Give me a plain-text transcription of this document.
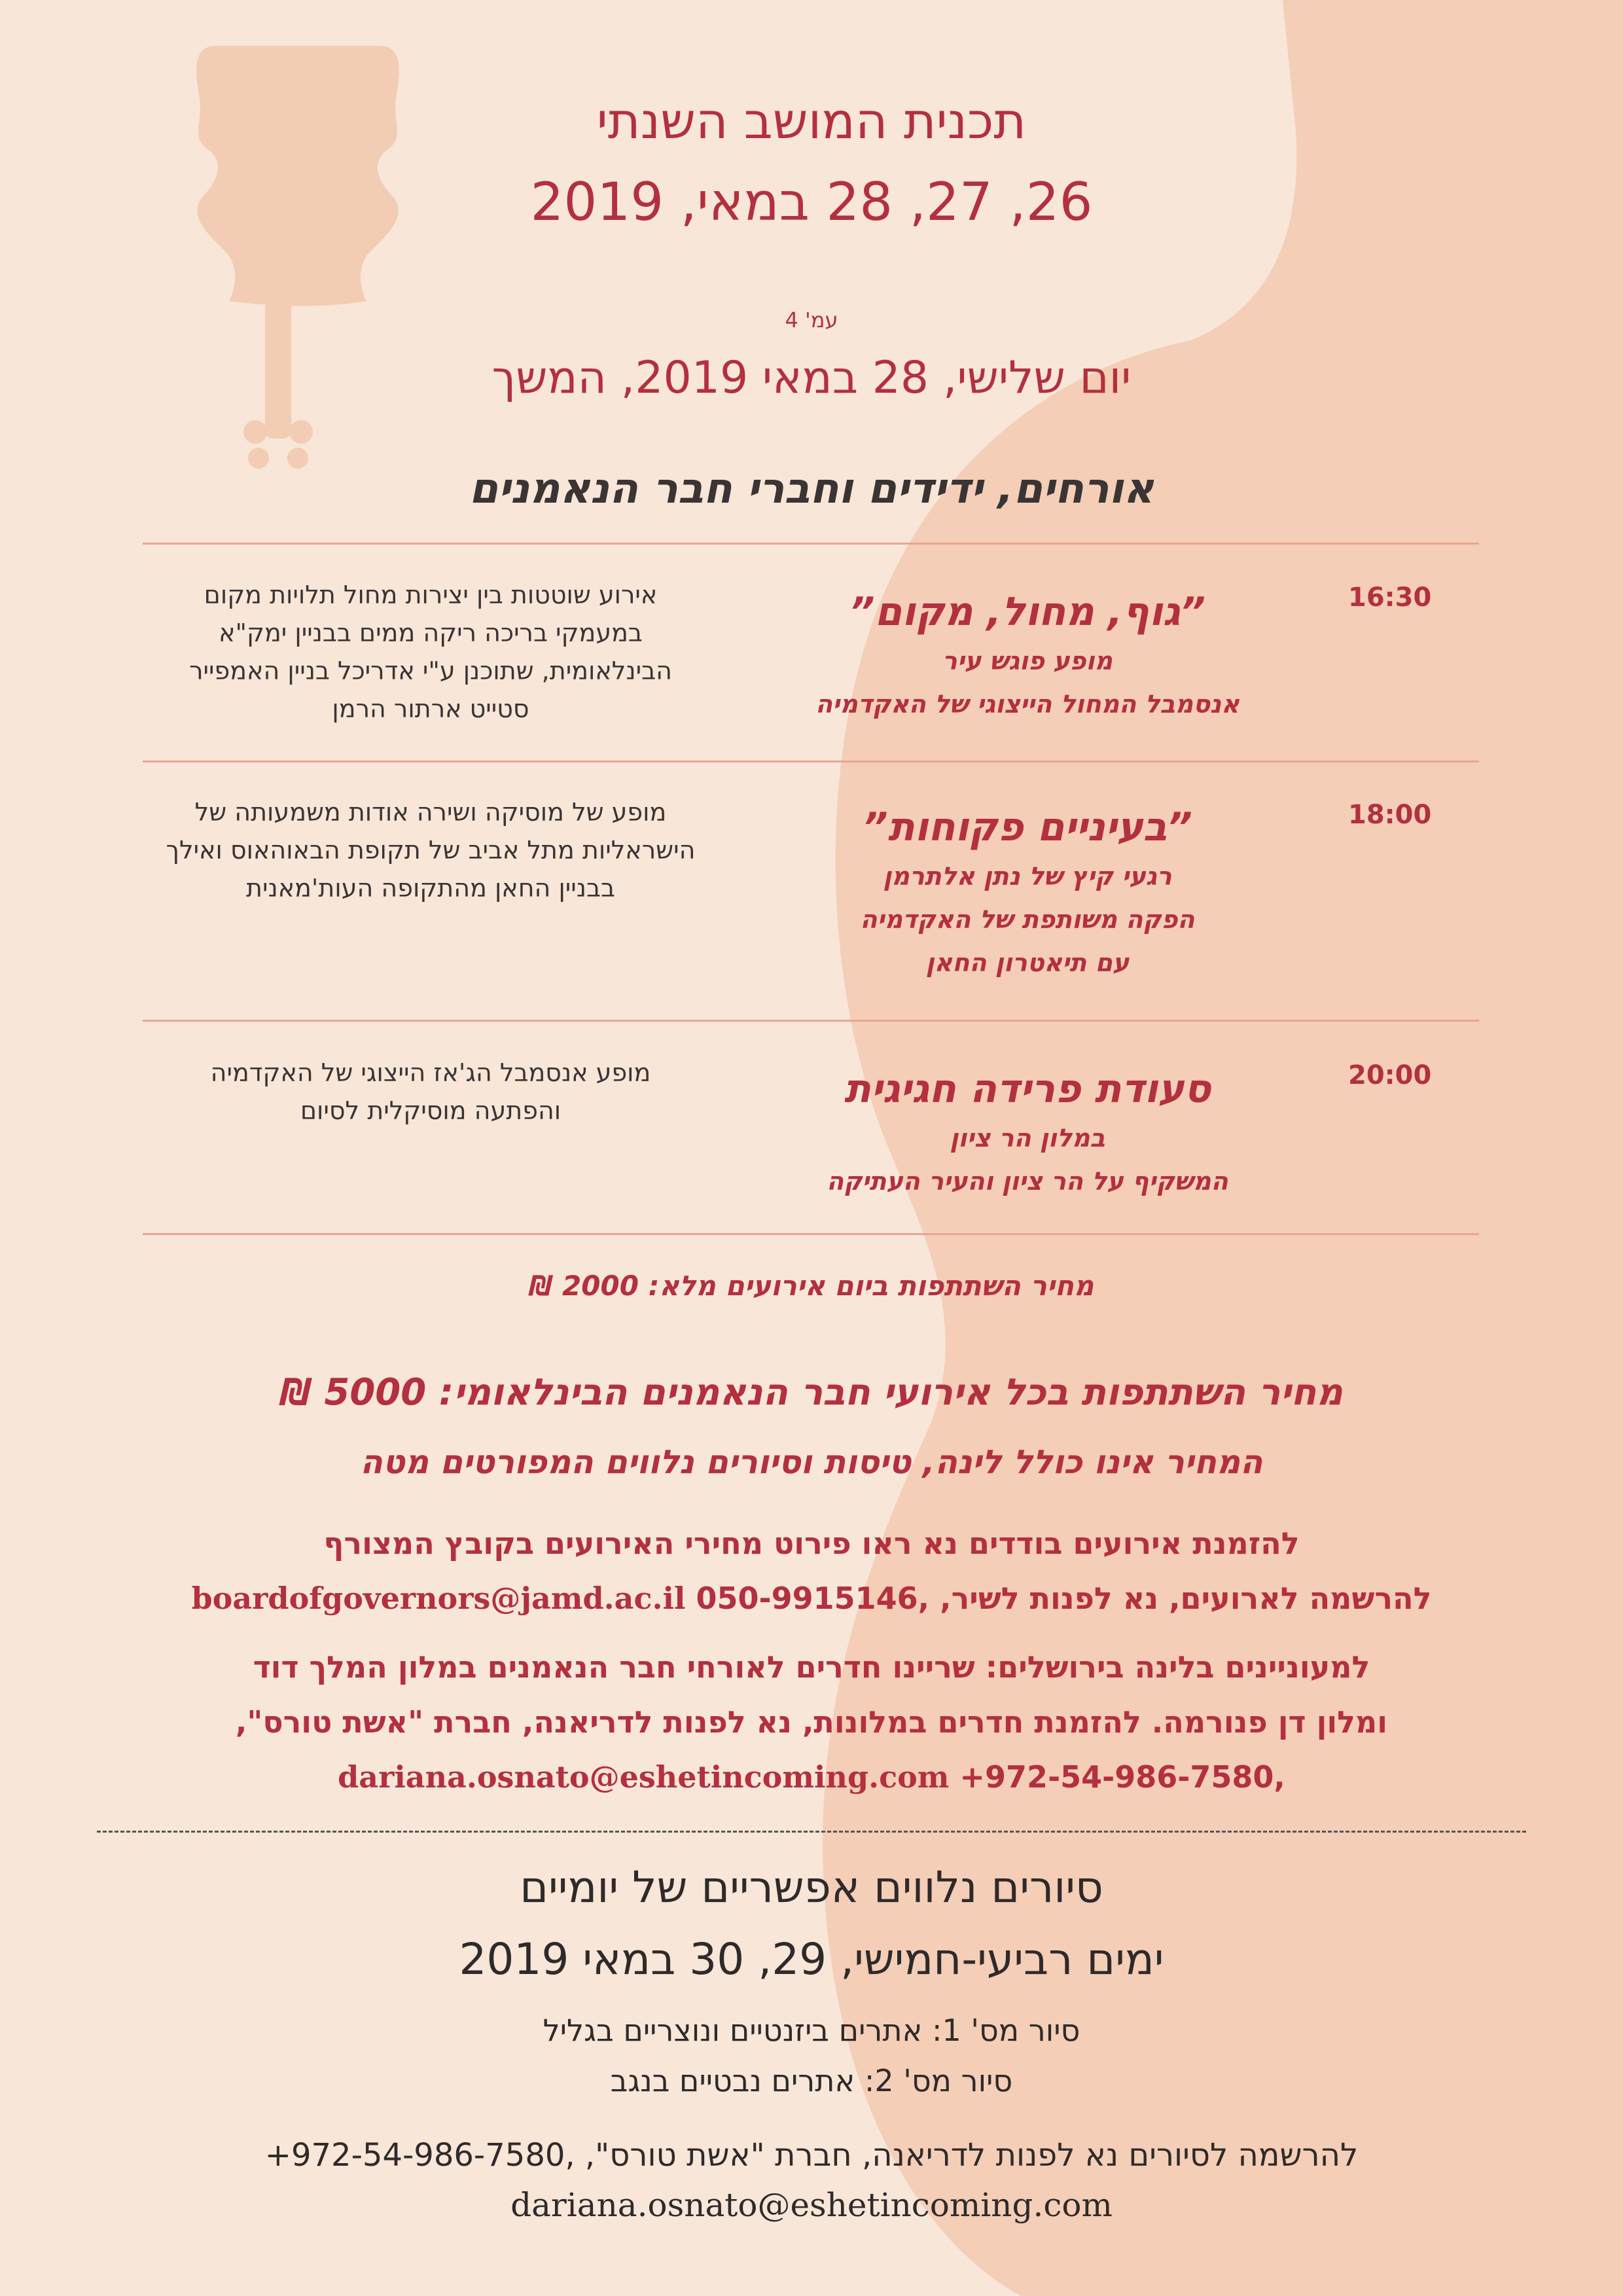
תכנית המושב השנתי
26, 27, 28 במאי, 2019
עמ' 4
יום שלישי, 28 במאי 2019, המשך
אורחים, ידידים וחברי חבר הנאמנים
16:30
”גוף, מחול, מקום”
מופע פוגש עיר
אנסמבל המחול הייצוגי של האקדמיה
אירוע שוטטות בין יצירות מחול תלויות מקום
במעמקי בריכה ריקה ממים בבניין ימק"א
הבינלאומית, שתוכנן ע"י אדריכל בניין האמפייר
סטייט ארתור הרמן
18:00
”בעיניים פקוחות”
רגעי קיץ של נתן אלתרמן
הפקה משותפת של האקדמיה
עם תיאטרון החאן
מופע של מוסיקה ושירה אודות משמעותה של
הישראליות מתל אביב של תקופת הבאוהאוס ואילך
בבניין החאן מהתקופה העות'מאנית
20:00
סעודת פרידה חגיגית
במלון הר ציון
המשקיף על הר ציון והעיר העתיקה
מופע אנסמבל הג'אז הייצוגי של האקדמיה
והפתעה מוסיקלית לסיום
מחיר השתתפות ביום אירועים מלא: 2000 ₪
מחיר השתתפות בכל אירועי חבר הנאמנים הבינלאומי: 5000 ₪
המחיר אינו כולל לינה, טיסות וסיורים נלווים המפורטים מטה
להזמנת אירועים בודדים נא ראו פירוט מחירי האירועים בקובץ המצורף
להרשמה לארועים, נא לפנות לשיר, 050-9915146, boardofgovernors@jamd.ac.il
למעוניינים בלינה בירושלים: שריינו חדרים לאורחי חבר הנאמנים במלון המלך דוד
ומלון דן פנורמה. להזמנת חדרים במלונות, נא לפנות לדריאנה, חברת "אשת טורס",
+972-54-986-7580, dariana.osnato@eshetincoming.com
סיורים נלווים אפשריים של יומיים
ימים רביעי-חמישי, 29, 30 במאי 2019
סיור מס' 1: אתרים ביזנטיים ונוצריים בגליל
סיור מס' 2: אתרים נבטיים בנגב
להרשמה לסיורים נא לפנות לדריאנה, חברת "אשת טורס", +972-54-986-7580,
dariana.osnato@eshetincoming.com
